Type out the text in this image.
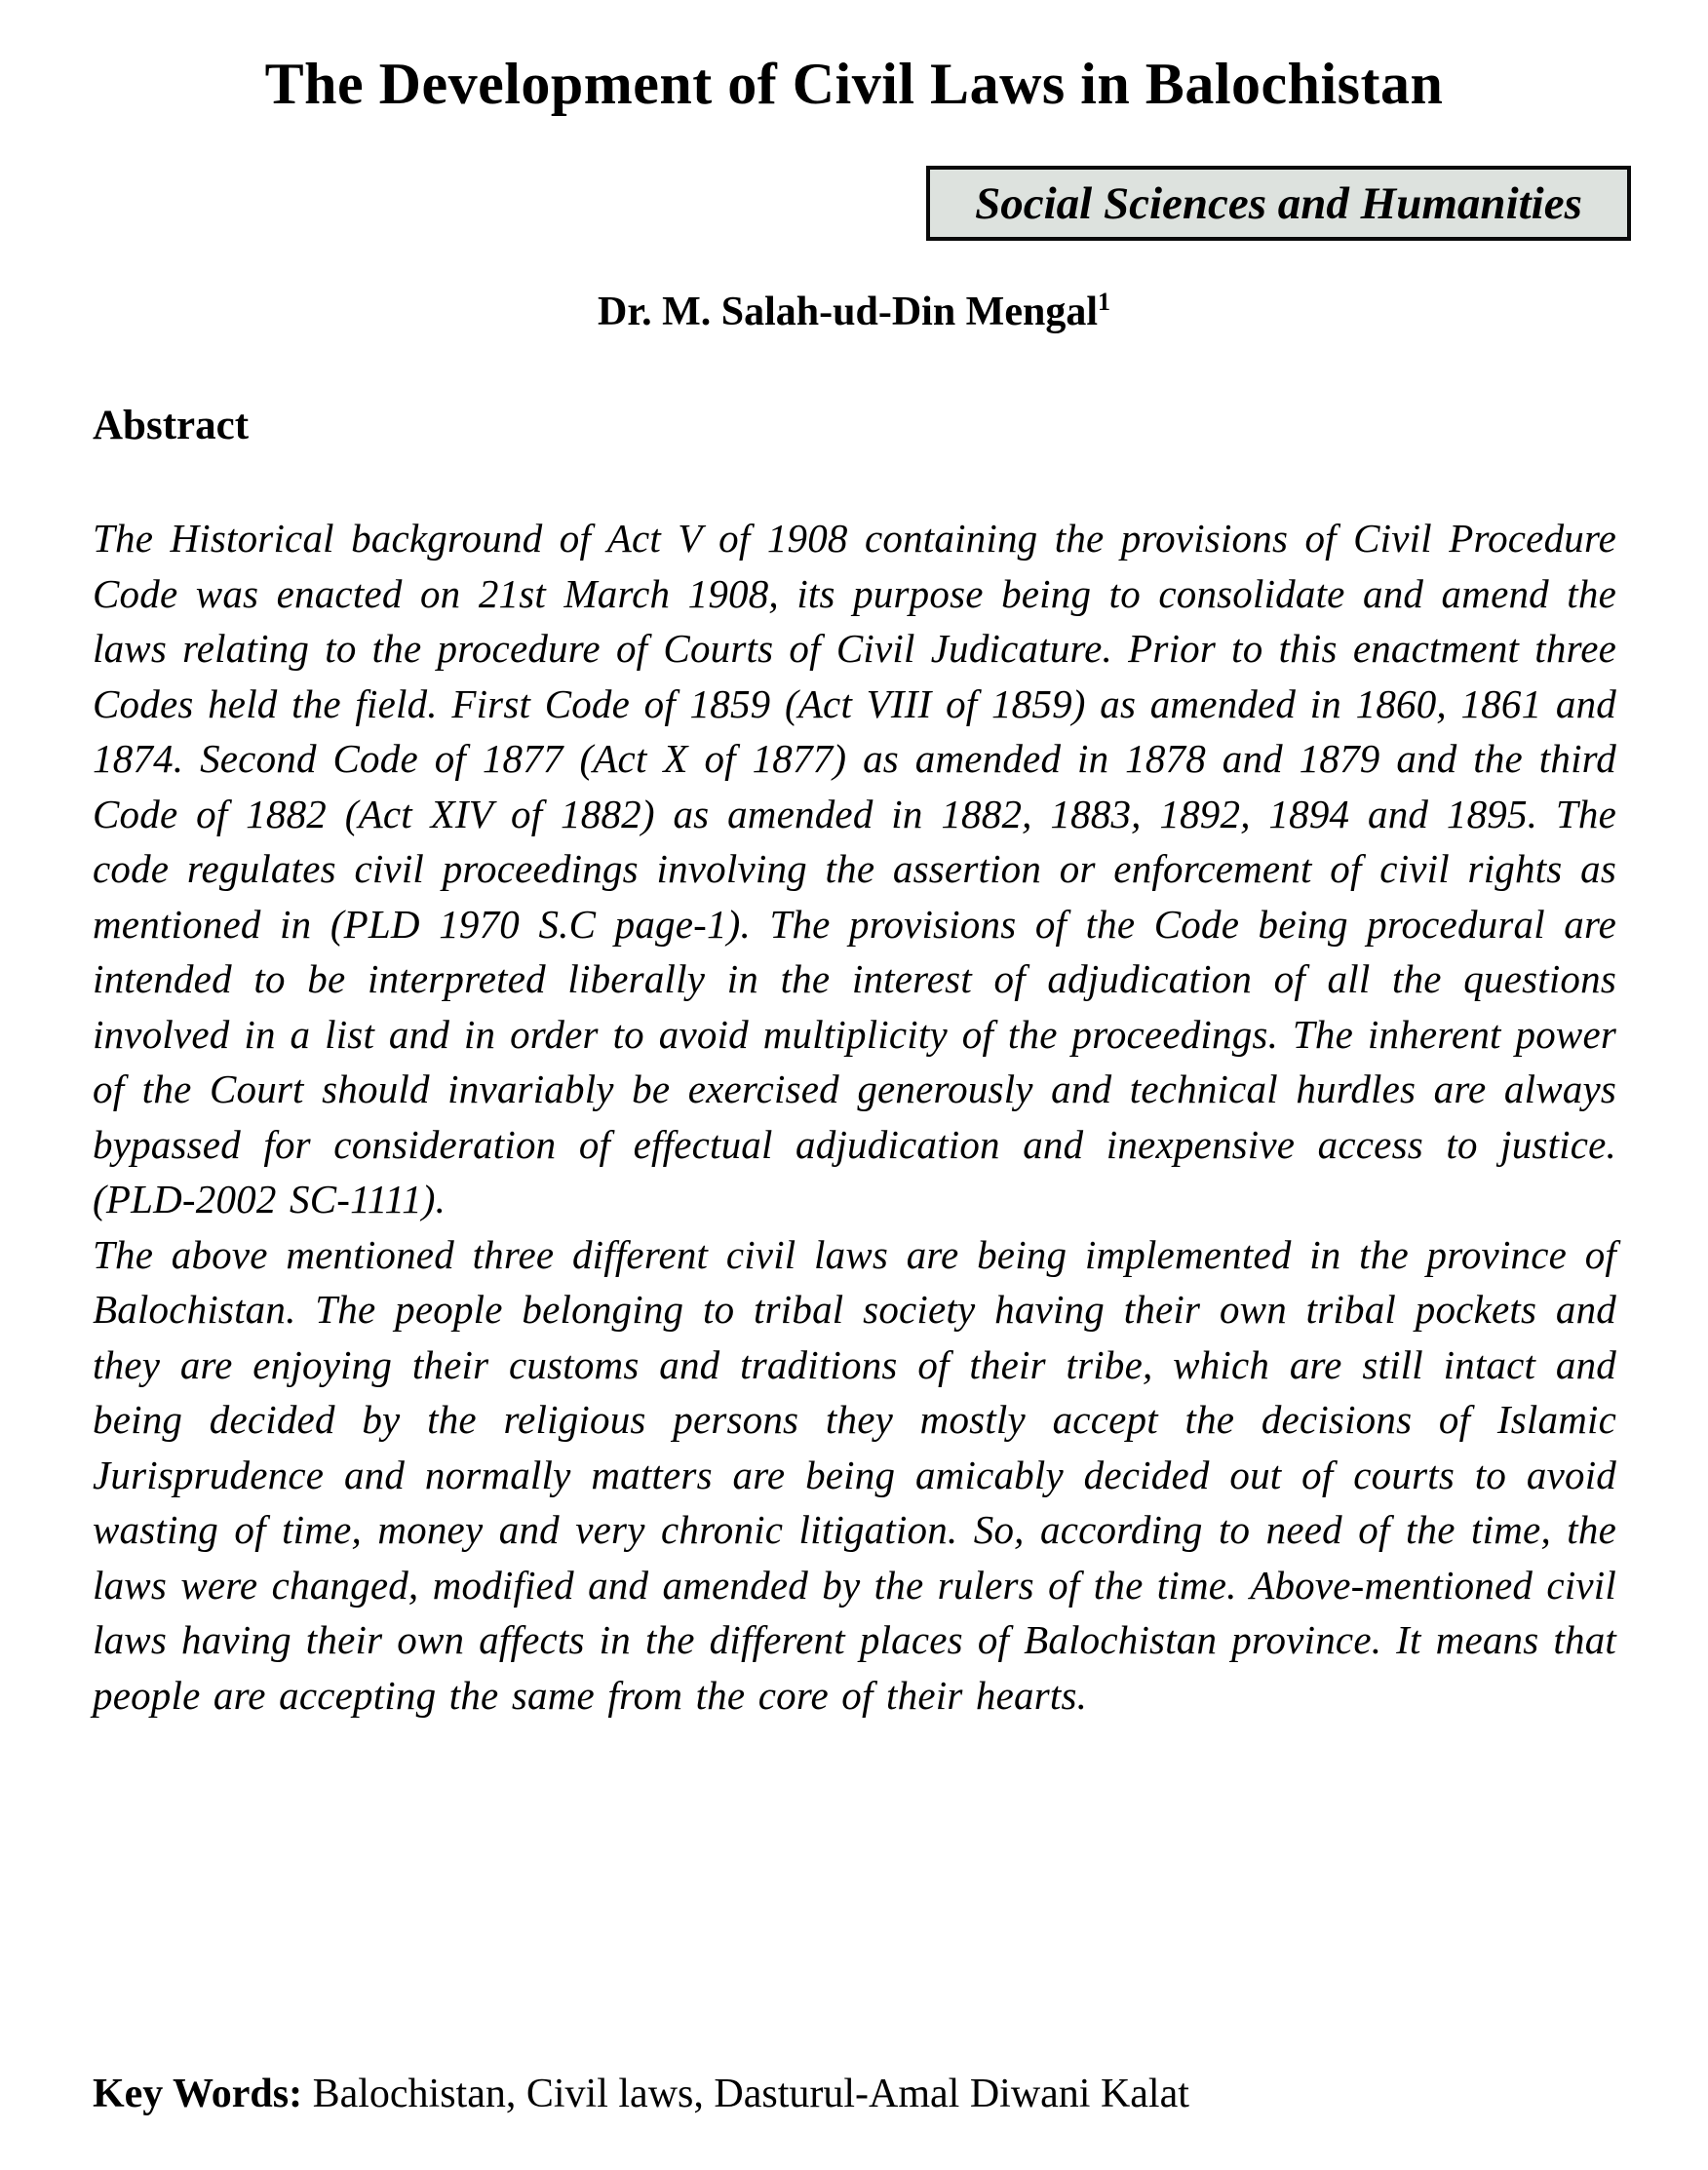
The Development of Civil Laws in Balochistan
Social Sciences and Humanities
Dr. M. Salah-ud-Din Mengal$^1$
Abstract

The Historical background of Act V of 1908 containing the provisions of Civil Procedure Code was enacted on 21st March 1908, its purpose being to consolidate and amend the laws relating to the procedure of Courts of Civil Judicature. Prior to this enactment three Codes held the field. First Code of 1859 (Act VIII of 1859) as amended in 1860, 1861 and 1874. Second Code of 1877 (Act X of 1877) as amended in 1878 and 1879 and the third Code of 1882 (Act XIV of 1882) as amended in 1882, 1883, 1892, 1894 and 1895. The code regulates civil proceedings involving the assertion or enforcement of civil rights as mentioned in (PLD 1970 S.C page-1). The provisions of the Code being procedural are intended to be interpreted liberally in the interest of adjudication of all the questions involved in a list and in order to avoid multiplicity of the proceedings. The inherent power of the Court should invariably be exercised generously and technical hurdles are always bypassed for consideration of effectual adjudication and inexpensive access to justice. (PLD-2002 SC-1111).

The above mentioned three different civil laws are being implemented in the province of Balochistan. The people belonging to tribal society having their own tribal pockets and they are enjoying their customs and traditions of their tribe, which are still intact and being decided by the religious persons they mostly accept the decisions of Islamic Jurisprudence and normally matters are being amicably decided out of courts to avoid wasting of time, money and very chronic litigation. So, according to need of the time, the laws were changed, modified and amended by the rulers of the time. Above-mentioned civil laws having their own affects in the different places of Balochistan province. It means that people are accepting the same from the core of their hearts.

Key Words: Balochistan, Civil laws, Dasturul-Amal Diwani Kalat
